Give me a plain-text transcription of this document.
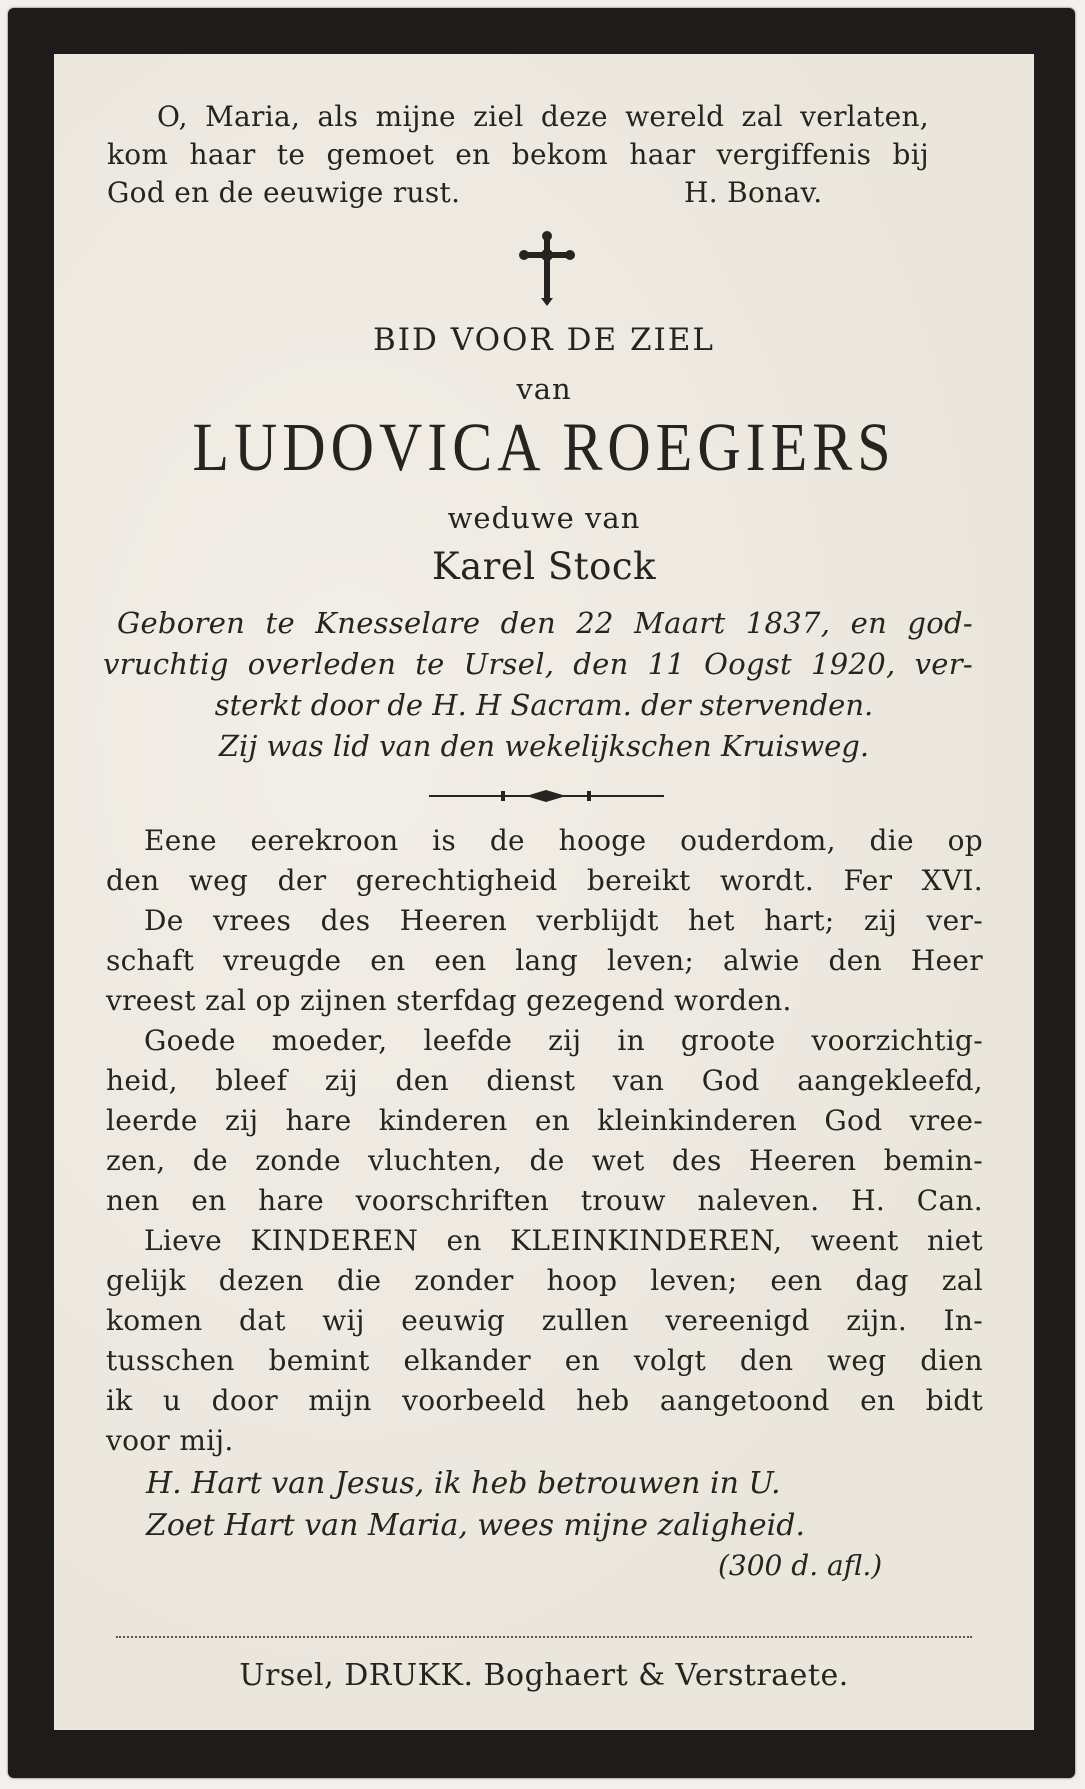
O, Maria, als mijne ziel deze wereld zal verlaten,

kom haar te gemoet en bekom haar vergiffenis bij

God en de eeuwige rust.	H. Bonav.

BID VOOR DE ZIEL

van

LUDOVICA ROEGIERS

weduwe van

Karel Stock

Geboren te Knesselare den 22 Maart 1837, en god-

vruchtig overleden te Ursel, den 11 Oogst 1920, ver-

sterkt door de H. H Sacram. der stervenden.

Zij was lid van den wekelijkschen Kruisweg.

Eene eerekroon is de hooge ouderdom, die op

den weg der gerechtigheid bereikt wordt. Fer XVI.

De vrees des Heeren verblijdt het hart; zij ver-

schaft vreugde en een lang leven; alwie den Heer

vreest zal op zijnen sterfdag gezegend worden.

Goede moeder, leefde zij in groote voorzichtig-

heid, bleef zij den dienst van God aangekleefd,

leerde zij hare kinderen en kleinkinderen God vree-

zen, de zonde vluchten, de wet des Heeren bemin-

nen en hare voorschriften trouw naleven. H. Can.

Lieve KINDEREN en KLEINKINDEREN, weent niet

gelijk dezen die zonder hoop leven; een dag zal

komen dat wij eeuwig zullen vereenigd zijn. In-

tusschen bemint elkander en volgt den weg dien

ik u door mijn voorbeeld heb aangetoond en bidt

voor mij.

H. Hart van Jesus, ik heb betrouwen in U.

Zoet Hart van Maria, wees mijne zaligheid.

(300 d. afl.)

Ursel, DRUKK. Boghaert & Verstraete.
